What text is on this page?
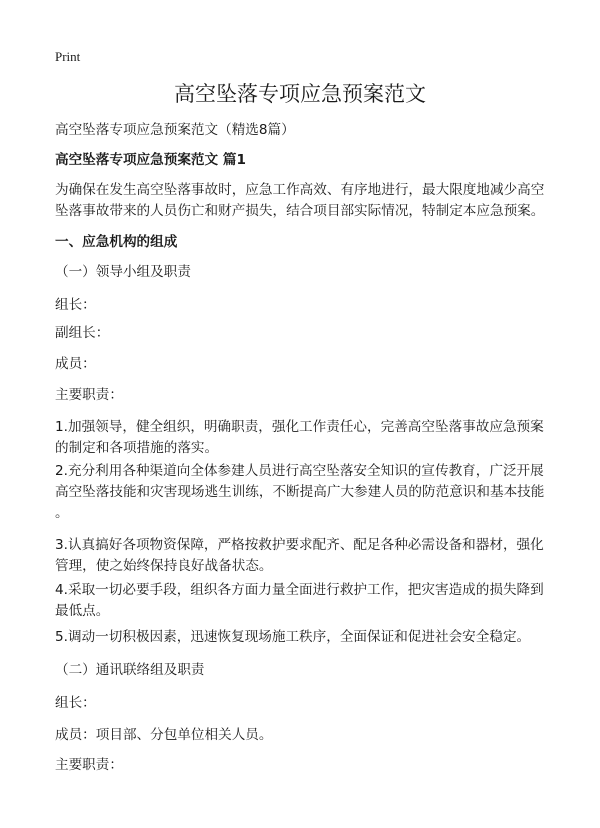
Print
高空坠落专项应急预案范文
高空坠落专项应急预案范文（精选8篇）
高空坠落专项应急预案范文 篇1
为确保在发生高空坠落事故时，应急工作高效、有序地进行，最大限度地减少高空
坠落事故带来的人员伤亡和财产损失，结合项目部实际情况，特制定本应急预案。
一、应急机构的组成
（一）领导小组及职责
组长：
副组长：
成员：
主要职责：
1.加强领导，健全组织，明确职责，强化工作责任心，完善高空坠落事故应急预案
的制定和各项措施的落实。
2.充分利用各种渠道向全体参建人员进行高空坠落安全知识的宣传教育，广泛开展
高空坠落技能和灾害现场逃生训练，不断提高广大参建人员的防范意识和基本技能
。
3.认真搞好各项物资保障，严格按救护要求配齐、配足各种必需设备和器材，强化
管理，使之始终保持良好战备状态。
4.采取一切必要手段，组织各方面力量全面进行救护工作，把灾害造成的损失降到
最低点。
5.调动一切积极因素，迅速恢复现场施工秩序，全面保证和促进社会安全稳定。
（二）通讯联络组及职责
组长：
成员：项目部、分包单位相关人员。
主要职责：
